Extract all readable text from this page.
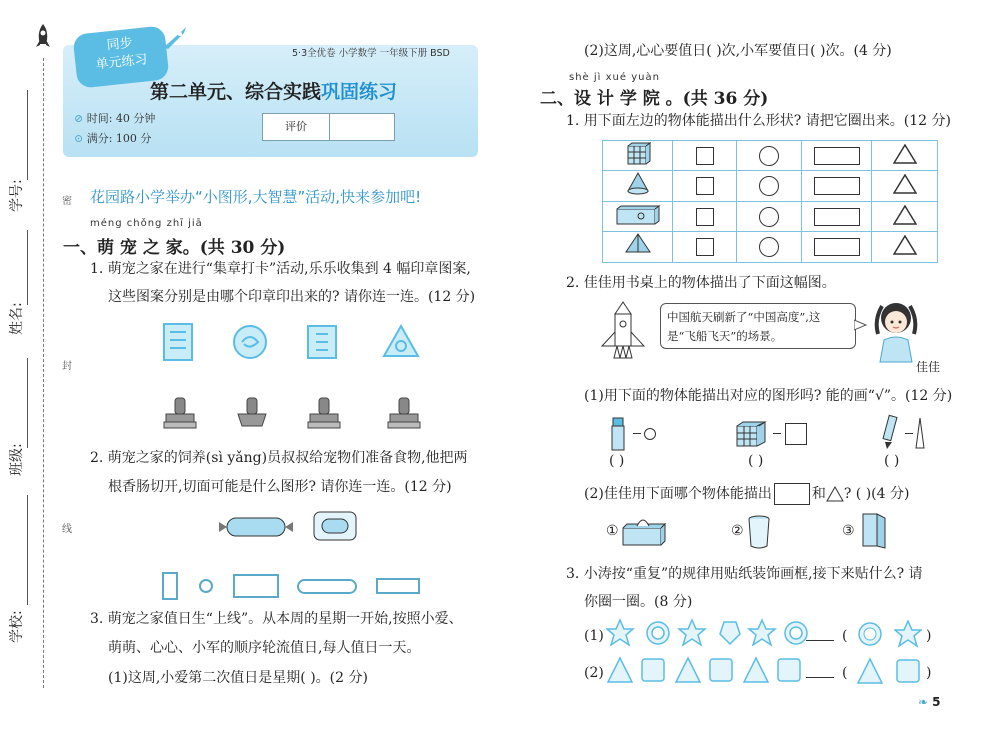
密
封
线
学号:
姓名:
班级:
学校:
同步
单元练习	5·3全优卷 小学数学 一年级下册 BSD
第二单元、综合实践巩固练习
⊘ 时间: 40 分钟
⊙ 满分: 100 分
评价
花园路小学举办“小图形,大智慧”活动,快来参加吧!
méng chǒng zhī jiā
一、萌 宠 之 家。(共 30 分)
1. 萌宠之家在进行“集章打卡”活动,乐乐收集到 4 幅印章图案,
这些图案分别是由哪个印章印出来的? 请你连一连。(12 分)
2. 萌宠之家的饲养(sì yǎng)员叔叔给宠物们准备食物,他把两
根香肠切开,切面可能是什么图形? 请你连一连。(12 分)
3. 萌宠之家值日生“上线”。从本周的星期一开始,按照小爱、
萌萌、心心、小军的顺序轮流值日,每人值日一天。
(1)这周,小爱第二次值日是星期( )。(2 分)
(2)这周,心心要值日( )次,小军要值日( )次。(4 分)
shè jì xué yuàn
二、设 计 学 院 。(共 36 分)
1. 用下面左边的物体能描出什么形状? 请把它圈出来。(12 分)

2. 佳佳用书桌上的物体描出了下面这幅图。
中国航天刷新了“中国高度”,这
是“飞船飞天”的场景。
佳佳
(1)用下面的物体能描出对应的图形吗? 能的画“√”。(12 分)
( )	( )	( )
(2)佳佳用下面哪个物体能描出	和 ? ( )(4 分)
①	②	③
3. 小涛按“重复”的规律用贴纸装饰画框,接下来贴什么? 请
你圈一圈。(8 分)
(1)	(	)
(2)	(	)
❧ 5
